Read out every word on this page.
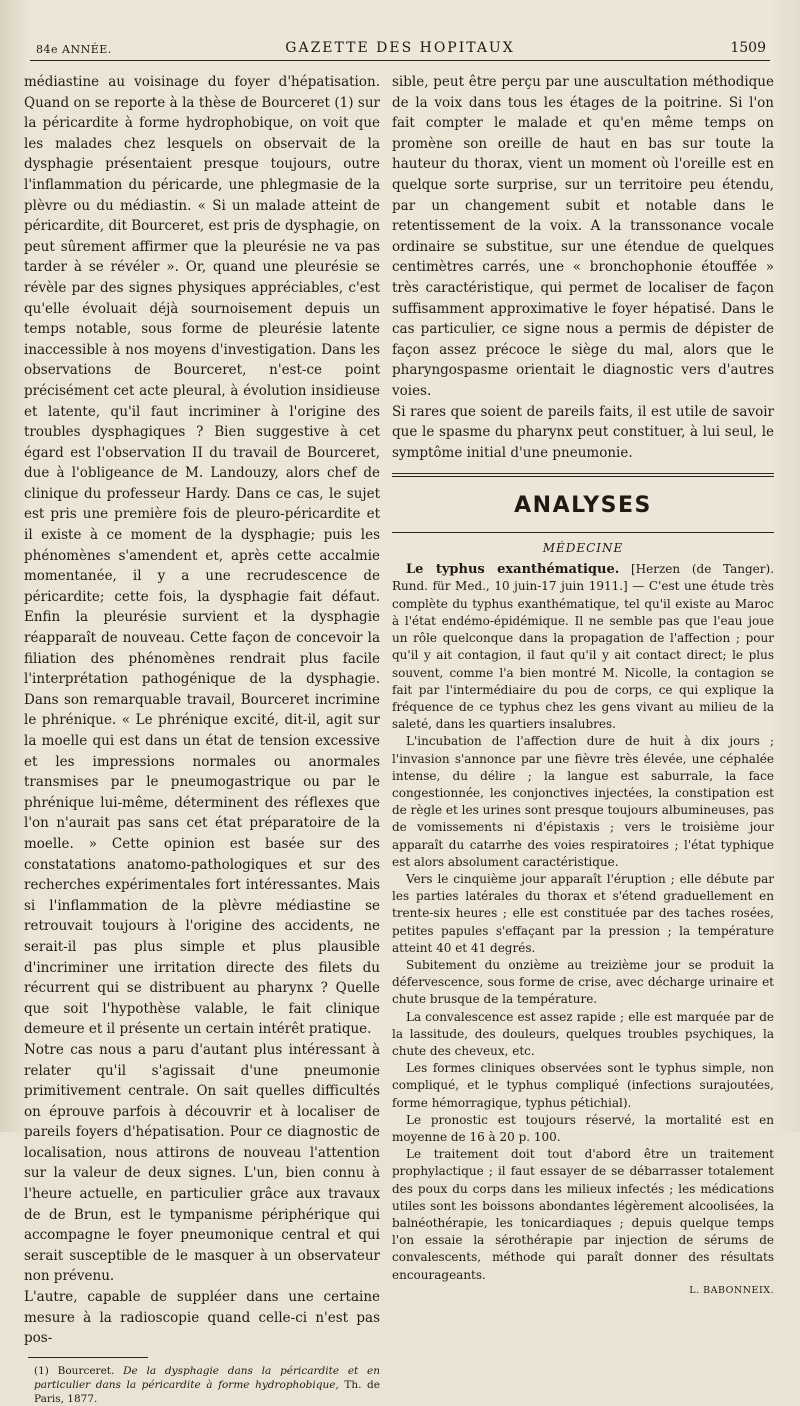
84e ANNÉE.	GAZETTE DES HOPITAUX	1509

médiastine au voisinage du foyer d'hépatisation. Quand on se reporte à la thèse de Bourceret (1) sur la péricardite à forme hydrophobique, on voit que les malades chez lesquels on observait de la dysphagie présentaient presque toujours, outre l'inflammation du péricarde, une phlegmasie de la plèvre ou du médiastin. « Si un malade atteint de péricardite, dit Bourceret, est pris de dysphagie, on peut sûrement affirmer que la pleurésie ne va pas tarder à se révéler ». Or, quand une pleurésie se révèle par des signes physiques appréciables, c'est qu'elle évoluait déjà sournoisement depuis un temps notable, sous forme de pleurésie latente inaccessible à nos moyens d'investigation. Dans les observations de Bourceret, n'est-ce point précisément cet acte pleural, à évolution insidieuse et latente, qu'il faut incriminer à l'origine des troubles dysphagiques ? Bien suggestive à cet égard est l'observation II du travail de Bourceret, due à l'obligeance de M. Landouzy, alors chef de clinique du professeur Hardy. Dans ce cas, le sujet est pris une première fois de pleuro-péricardite et il existe à ce moment de la dysphagie; puis les phénomènes s'amendent et, après cette accalmie momentanée, il y a une recrudescence de péricardite; cette fois, la dysphagie fait défaut. Enfin la pleurésie survient et la dysphagie réapparaît de nouveau. Cette façon de concevoir la filiation des phénomènes rendrait plus facile l'interprétation pathogénique de la dysphagie. Dans son remarquable travail, Bourceret incrimine le phrénique. « Le phrénique excité, dit-il, agit sur la moelle qui est dans un état de tension excessive et les impressions normales ou anormales transmises par le pneumogastrique ou par le phrénique lui-même, déterminent des réflexes que l'on n'aurait pas sans cet état préparatoire de la moelle. » Cette opinion est basée sur des constatations anatomo-pathologiques et sur des recherches expérimentales fort intéressantes. Mais si l'inflammation de la plèvre médiastine se retrouvait toujours à l'origine des accidents, ne serait-il pas plus simple et plus plausible d'incriminer une irritation directe des filets du récurrent qui se distribuent au pharynx ? Quelle que soit l'hypothèse valable, le fait clinique demeure et il présente un certain intérêt pratique.
Notre cas nous a paru d'autant plus intéressant à relater qu'il s'agissait d'une pneumonie primitivement centrale. On sait quelles difficultés on éprouve parfois à découvrir et à localiser de pareils foyers d'hépatisation. Pour ce diagnostic de localisation, nous attirons de nouveau l'attention sur la valeur de deux signes. L'un, bien connu à l'heure actuelle, en particulier grâce aux travaux de de Brun, est le tympanisme périphérique qui accompagne le foyer pneumonique central et qui serait susceptible de le masquer à un observateur non prévenu.
L'autre, capable de suppléer dans une certaine mesure à la radioscopie quand celle-ci n'est pas pos-

(1) Bourceret. De la dysphagie dans la péricardite et en particulier dans la péricardite à forme hydrophobique, Th. de Paris, 1877.

sible, peut être perçu par une auscultation méthodique de la voix dans tous les étages de la poitrine. Si l'on fait compter le malade et qu'en même temps on promène son oreille de haut en bas sur toute la hauteur du thorax, vient un moment où l'oreille est en quelque sorte surprise, sur un territoire peu étendu, par un changement subit et notable dans le retentissement de la voix. A la transsonance vocale ordinaire se substitue, sur une étendue de quelques centimètres carrés, une « bronchophonie étouffée » très caractéristique, qui permet de localiser de façon suffisamment approximative le foyer hépatisé. Dans le cas particulier, ce signe nous a permis de dépister de façon assez précoce le siège du mal, alors que le pharyngospasme orientait le diagnostic vers d'autres voies.
Si rares que soient de pareils faits, il est utile de savoir que le spasme du pharynx peut constituer, à lui seul, le symptôme initial d'une pneumonie.

ANALYSES
MÉDECINE

Le typhus exanthématique. [Herzen (de Tanger). Rund. für Med., 10 juin-17 juin 1911.] — C'est une étude très complète du typhus exanthématique, tel qu'il existe au Maroc à l'état endémo-épidémique. Il ne semble pas que l'eau joue un rôle quelconque dans la propagation de l'affection ; pour qu'il y ait contagion, il faut qu'il y ait contact direct; le plus souvent, comme l'a bien montré M. Nicolle, la contagion se fait par l'intermédiaire du pou de corps, ce qui explique la fréquence de ce typhus chez les gens vivant au milieu de la saleté, dans les quartiers insalubres.

L'incubation de l'affection dure de huit à dix jours ; l'invasion s'annonce par une fièvre très élevée, une céphalée intense, du délire ; la langue est saburrale, la face congestionnée, les conjonctives injectées, la constipation est de règle et les urines sont presque toujours albumineuses, pas de vomissements ni d'épistaxis ; vers le troisième jour apparaît du catarrhe des voies respiratoires ; l'état typhique est alors absolument caractéristique.

Vers le cinquième jour apparaît l'éruption ; elle débute par les parties latérales du thorax et s'étend graduellement en trente-six heures ; elle est constituée par des taches rosées, petites papules s'effaçant par la pression ; la température atteint 40 et 41 degrés.

Subitement du onzième au treizième jour se produit la défervescence, sous forme de crise, avec décharge urinaire et chute brusque de la température.

La convalescence est assez rapide ; elle est marquée par de la lassitude, des douleurs, quelques troubles psychiques, la chute des cheveux, etc.

Les formes cliniques observées sont le typhus simple, non compliqué, et le typhus compliqué (infections surajoutées, forme hémorragique, typhus pétichial).

Le pronostic est toujours réservé, la mortalité est en moyenne de 16 à 20 p. 100.

Le traitement doit tout d'abord être un traitement prophylactique ; il faut essayer de se débarrasser totalement des poux du corps dans les milieux infectés ; les médications utiles sont les boissons abondantes légèrement alcoolisées, la balnéothérapie, les tonicardiaques ; depuis quelque temps l'on essaie la sérothérapie par injection de sérums de convalescents, méthode qui paraît donner des résultats encourageants.

L. BABONNEIX.
